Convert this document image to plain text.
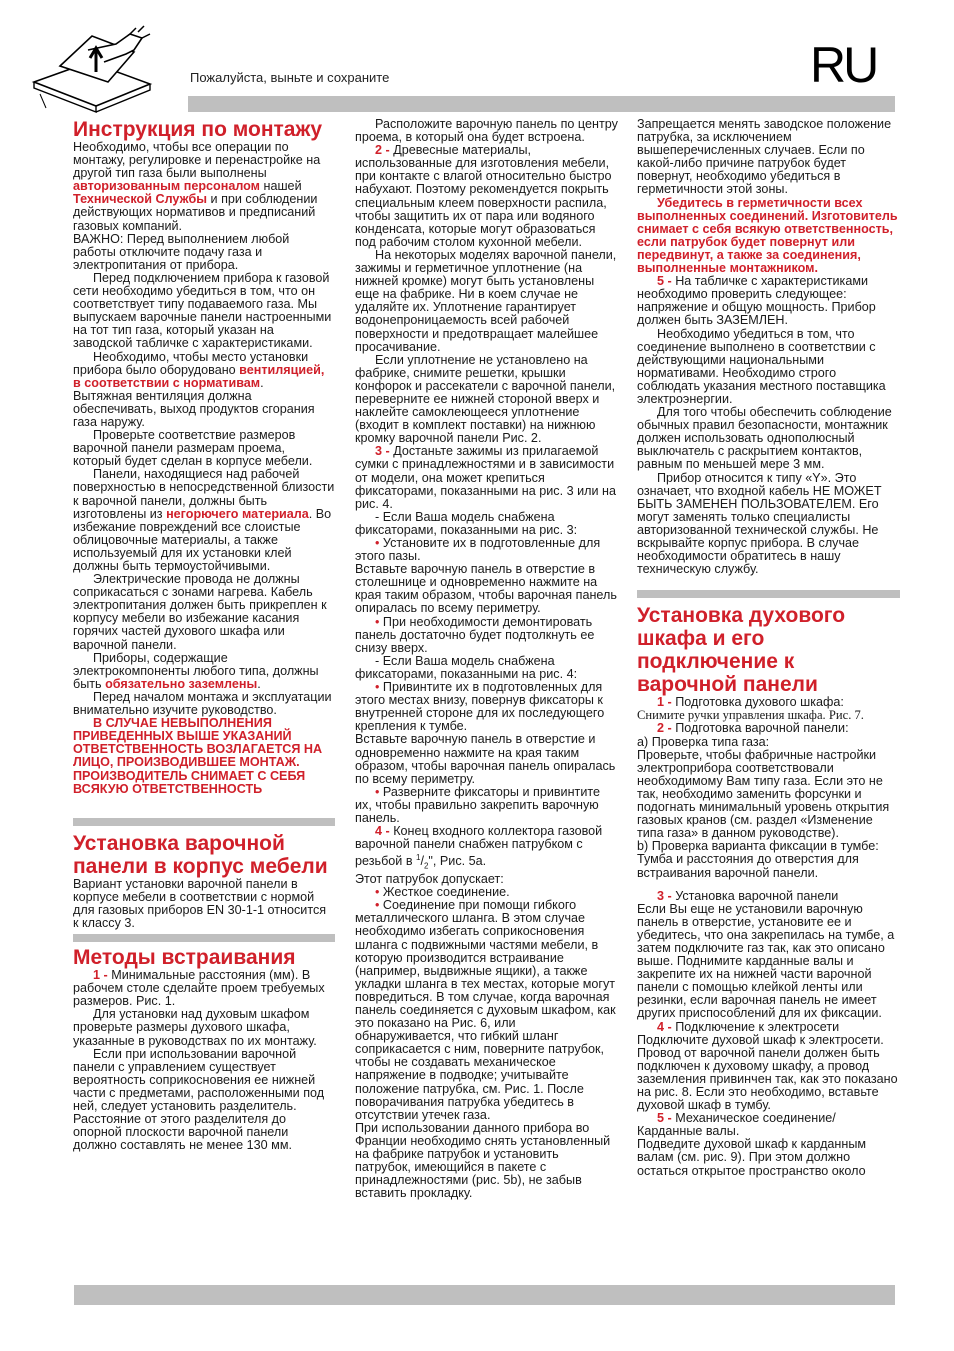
Пожалуйста, выньте и сохраните	RU
Инструкция по монтажу

Необходимо, чтобы все операции по монтажу, регулировке и перенастройке на другой тип газа были выполнены авторизованным персоналом нашей Технической Службы и при соблюдении действующих нормативов и предписаний газовых компаний.

ВАЖНО: Перед выполнением любой работы отключите подачу газа и электропитания от прибора.

Перед подключением прибора к газовой сети необходимо убедиться в том, что он соответствует типу подаваемого газа. Мы выпускаем варочные панели настроенными на тот тип газа, который указан на заводской табличке с характеристиками.

Необходимо, чтобы место установки прибора было оборудовано вентиляцией, в соответствии с нормативам.

Вытяжная вентиляция должна обеспечивать, выход продуктов сгорания газа наружу.

Проверьте соответствие размеров варочной панели размерам проема, который будет сделан в корпусе мебели.

Панели, находящиеся над рабочей поверхностью в непосредственной близости к варочной панели, должны быть изготовлены из негорючего материала. Во избежание повреждений все слоистые облицовочные материалы, а также используемый для их установки клей должны быть термоустойчивыми.

Электрические провода не должны соприкасаться с зонами нагрева. Кабель электропитания должен быть прикреплен к корпусу мебели во избежание касания горячих частей духового шкафа или варочной панели.

Приборы, содержащие электрокомпоненты любого типа, должны быть обязательно заземлены.

Перед началом монтажа и эксплуатации внимательно изучите руководство.

В СЛУЧАЕ НЕВЫПОЛНЕНИЯ ПРИВЕДЕННЫХ ВЫШЕ УКАЗАНИЙ ОТВЕТСТВЕННОСТЬ ВОЗЛАГАЕТСЯ НА ЛИЦО, ПРОИЗВОДИВШЕЕ МОНТАЖ. ПРОИЗВОДИТЕЛЬ СНИМАЕТ С СЕБЯ ВСЯКУЮ ОТВЕТСТВЕННОСТЬ

Установка варочной панели в корпус мебели

Вариант установки варочной панели в корпусе мебели в соответствии с нормой для газовых приборов EN 30-1-1 относится к классу 3.

Методы встраивания

1 - Минимальные расстояния (мм). В рабочем столе сделайте проем требуемых размеров. Рис. 1.

Для установки над духовым шкафом проверьте размеры духового шкафа, указанные в руководствах по их монтажу.

Если при использовании варочной панели с управлением существует вероятность соприкосновения ее нижней части с предметами, расположенными под ней, следует установить разделитель. Расстояние от этого разделителя до опорной плоскости варочной панели должно составлять не менее 130 мм.

Расположите варочную панель по центру проема, в который она будет встроена.

2 - Древесные материалы, использованные для изготовления мебели, при контакте с влагой относительно быстро набухают. Поэтому рекомендуется покрыть специальным клеем поверхности распила, чтобы защитить их от пара или водяного конденсата, которые могут образоваться под рабочим столом кухонной мебели.

На некоторых моделях варочной панели, зажимы и герметичное уплотнение (на нижней кромке) могут быть установлены еще на фабрике. Ни в коем случае не удаляйте их. Уплотнение гарантирует водонепроницаемость всей рабочей поверхности и предотвращает малейшее просачивание.

Если уплотнение не установлено на фабрике, снимите решетки, крышки конфорок и рассекатели с варочной панели, переверните ее нижней стороной вверх и наклейте самоклеющееся уплотнение (входит в комплект поставки) на нижнюю кромку варочной панели Рис. 2.

3 - Достаньте зажимы из прилагаемой сумки с принадлежностями и в зависимости от модели, она может крепиться фиксаторами, показанными на рис. 3 или на рис. 4.

- Если Ваша модель снабжена фиксаторами, показанными на рис. 3:

• Установите их в подготовленные для этого пазы.

Вставьте варочную панель в отверстие в столешнице и одновременно нажмите на края таким образом, чтобы варочная панель опиралась по всему периметру.

• При необходимости демонтировать панель достаточно будет подтолкнуть ее снизу вверх.

- Если Ваша модель снабжена фиксаторами, показанными на рис. 4:

• Привинтите их в подготовленных для этого местах внизу, повернув фиксаторы к внутренней стороне для их последующего крепления к тумбе.

Вставьте варочную панель в отверстие и одновременно нажмите на края таким образом, чтобы варочная панель опиралась по всему периметру.

• Разверните фиксаторы и привинтите их, чтобы правильно закрепить варочную панель.

4 - Конец входного коллектора газовой варочной панели снабжен патрубком с резьбой в $^1/_2$", Рис. 5а.

Этот патрубок допускает:

• Жесткое соединение.

• Соединение при помощи гибкого металлического шланга. В этом случае необходимо избегать соприкосновения шланга с подвижными частями мебели, в которую производится встраивание (например, выдвижные ящики), а также укладки шланга в тех местах, которые могут повредиться. В том случае, когда варочная панель соединяется с духовым шкафом, как это показано на Рис. 6, или обнаруживается, что гибкий шланг соприкасается с ним, поверните патрубок, чтобы не создавать механическое напряжение в подводке; учитывайте положение патрубка, см. Рис. 1. После поворачивания патрубка убедитесь в отсутствии утечек газа.

При использовании данного прибора во Франции необходимо снять установленный на фабрике патрубок и установить патрубок, имеющийся в пакете с принадлежностями (рис. 5b), не забыв вставить прокладку.

Запрещается менять заводское положение патрубка, за исключением вышеперечисленных случаев. Если по какой-либо причине патрубок будет повернут, необходимо убедиться в герметичности этой зоны.

Убедитесь в герметичности всех выполненных соединений. Изготовитель снимает с себя всякую ответственность, если патрубок будет повернут или передвинут, а также за соединения, выполненные монтажником.

5 - На табличке с характеристиками необходимо проверить следующее: напряжение и общую мощность. Прибор должен быть ЗАЗЕМЛЕН.

Необходимо убедиться в том, что соединение выполнено в соответствии с действующими национальными нормативами. Необходимо строго соблюдать указания местного поставщика электроэнергии.

Для того чтобы обеспечить соблюдение обычных правил безопасности, монтажник должен использовать однополюсный выключатель с раскрытием контактов, равным по меньшей мере 3 мм.

Прибор относится к типу «Y». Это означает, что входной кабель НЕ МОЖЕТ БЫТЬ ЗАМЕНЕН ПОЛЬЗОВАТЕЛЕМ. Его могут заменять только специалисты авторизованной технической службы. Не вскрывайте корпус прибора. В случае необходимости обратитесь в нашу техническую службу.

Установка духового шкафа и его подключение к варочной панели

1 - Подготовка духового шкафа:

Снимите ручки управления шкафа. Рис. 7.

2 - Подготовка варочной панели:

а) Проверка типа газа:

Проверьте, чтобы фабричные настройки электроприбора соответствовали необходимому Вам типу газа. Если это не так, необходимо заменить форсунки и подогнать минимальный уровень открытия газовых кранов (см. раздел «Изменение типа газа» в данном руководстве).

b) Проверка варианта фиксации в тумбе:

Тумба и расстояния до отверстия для встраивания варочной панели.

3 - Установка варочной панели

Если Вы еще не установили варочную панель в отверстие, установите ее и убедитесь, что она закрепилась на тумбе, а затем подключите газ так, как это описано выше. Поднимите карданные валы и закрепите их на нижней части варочной панели с помощью клейкой ленты или резинки, если варочная панель не имеет других приспособлений для их фиксации.

4 - Подключение к электросети

Подключите духовой шкаф к электросети.

Провод от варочной панели должен быть подключен к духовому шкафу, а провод заземления привинчен так, как это показано на рис. 8. Если это необходимо, вставьте духовой шкаф в тумбу.

5 - Механическое соединение/ Карданные валы.

Подведите духовой шкаф к карданным валам (см. рис. 9). При этом должно остаться открытое пространство около
